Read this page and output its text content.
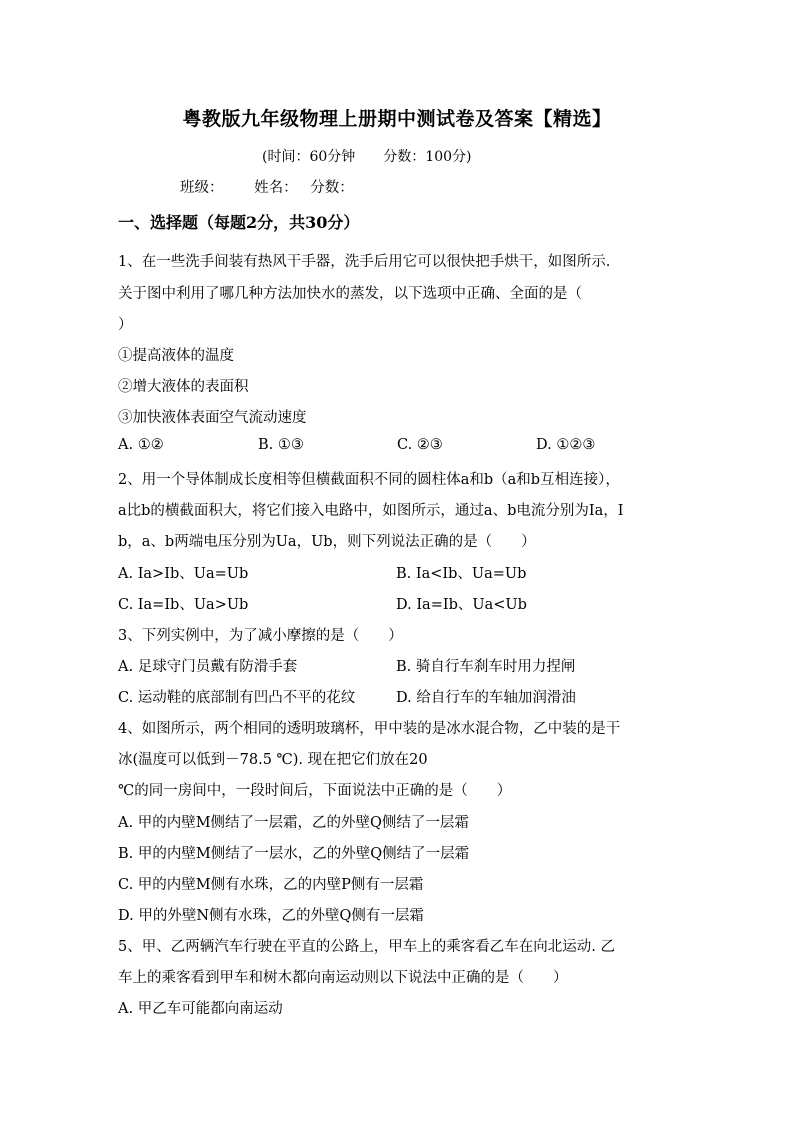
粤教版九年级物理上册期中测试卷及答案【精选】
(时间：60分钟 分数：100分)
班级： 姓名： 分数：
一、选择题（每题2分，共30分）
1、在一些洗手间装有热风干手器，洗手后用它可以很快把手烘干，如图所示.
关于图中利用了哪几种方法加快水的蒸发，以下选项中正确、全面的是（
）
①提高液体的温度
②增大液体的表面积
③加快液体表面空气流动速度
A. ①②	B. ①③	C. ②③	D. ①②③
2、用一个导体制成长度相等但横截面积不同的圆柱体a和b（a和b互相连接），
a比b的横截面积大，将它们接入电路中，如图所示，通过a、b电流分别为Ia，I
b，a、b两端电压分别为Ua，Ub，则下列说法正确的是（　　）
A. Ia>Ib、Ua=Ub	B. Ia<Ib、Ua=Ub
C. Ia=Ib、Ua>Ub	D. Ia=Ib、Ua<Ub
3、下列实例中，为了减小摩擦的是（　　）
A. 足球守门员戴有防滑手套	B. 骑自行车刹车时用力捏闸
C. 运动鞋的底部制有凹凸不平的花纹	D. 给自行车的车轴加润滑油
4、如图所示，两个相同的透明玻璃杯，甲中装的是冰水混合物，乙中装的是干
冰(温度可以低到－78.5 ℃). 现在把它们放在20
℃的同一房间中，一段时间后，下面说法中正确的是（　　）
A. 甲的内壁M侧结了一层霜，乙的外壁Q侧结了一层霜
B. 甲的内壁M侧结了一层水，乙的外壁Q侧结了一层霜
C. 甲的内壁M侧有水珠，乙的内壁P侧有一层霜
D. 甲的外壁N侧有水珠，乙的外壁Q侧有一层霜
5、甲、乙两辆汽车行驶在平直的公路上，甲车上的乘客看乙车在向北运动. 乙
车上的乘客看到甲车和树木都向南运动则以下说法中正确的是（　　）
A. 甲乙车可能都向南运动
